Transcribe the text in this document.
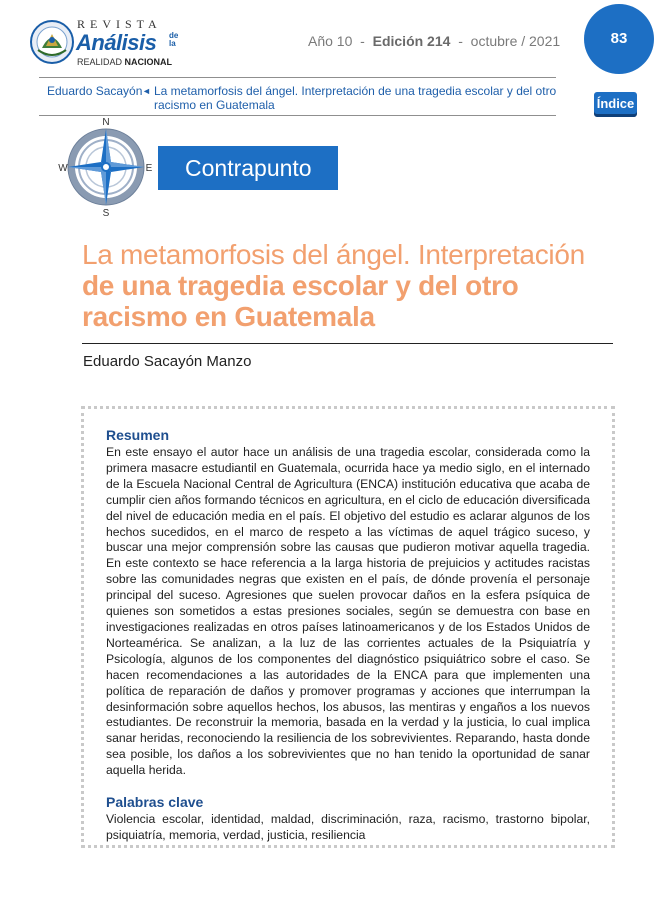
REVISTA
Análisis de la
REALIDAD NACIONAL
Año 10 - Edición 214 - octubre / 2021	83
Eduardo Sacayón ◄ La metamorfosis del ángel. Interpretación de una tragedia escolar y del otro racismo en Guatemala	Índice
N
S
W	E Contrapunto
La metamorfosis del ángel. Interpretación
de una tragedia escolar y del otro racismo en Guatemala
Eduardo Sacayón Manzo
Resumen
En este ensayo el autor hace un análisis de una tragedia escolar, considerada como la primera masacre estudiantil en Guatemala, ocurrida hace ya medio siglo, en el internado de la Escuela Nacional Central de Agricultura (ENCA) institución educativa que acaba de cumplir cien años formando técnicos en agricultura, en el ciclo de educación diversificada del nivel de educación media en el país. El objetivo del estudio es aclarar algunos de los hechos sucedidos, en el marco de respeto a las víctimas de aquel trágico suceso, y buscar una mejor comprensión sobre las causas que pudieron motivar aquella tragedia. En este contexto se hace referencia a la larga historia de prejuicios y actitudes racistas sobre las comunidades negras que existen en el país, de dónde provenía el personaje principal del suceso. Agresiones que suelen provocar daños en la esfera psíquica de quienes son sometidos a estas presiones sociales, según se demuestra con base en investigaciones realizadas en otros países latinoamericanos y de los Estados Unidos de Norteamérica. Se analizan, a la luz de las corrientes actuales de la Psiquiatría y Psicología, algunos de los componentes del diagnóstico psiquiátrico sobre el caso. Se hacen recomendaciones a las autoridades de la ENCA para que implementen una política de reparación de daños y promover programas y acciones que interrumpan la desinformación sobre aquellos hechos, los abusos, las mentiras y engaños a los nuevos estudiantes. De reconstruir la memoria, basada en la verdad y la justicia, lo cual implica sanar heridas, reconociendo la resiliencia de los sobrevivientes. Reparando, hasta donde sea posible, los daños a los sobrevivientes que no han tenido la oportunidad de sanar aquella herida.
Palabras clave
Violencia escolar, identidad, maldad, discriminación, raza, racismo, trastorno bipolar, psiquiatría, memoria, verdad, justicia, resiliencia
